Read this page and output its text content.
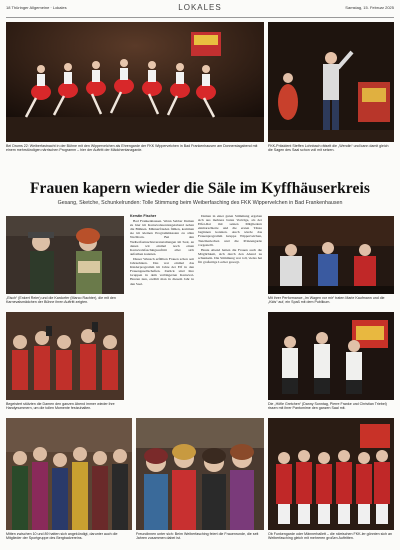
18 Thüringer Allgemeine · Lokales	LOKALES	Samstag, 15. Februar 2025
Bei Drums 22: Weiberfastnacht in der Bühne mit den Wippervelchen als Ehrengarde der FKK Wippervelchen in Bad Frankenhausen am Donnerstagabend mit einem mehrstündigen närrischen Programm – hier der Auftritt der Mädchentanzgarde.
FKK-Präsident Steffen Lohnbach rätselt die „Wendin“ und kann damit gleich die Sagen des Saal schon voll mit setzen.
Frauen kapern wieder die Säle im Kyffhäuserkreis
Gesang, Sketche, Schunkelrunden: Tolle Stimmung beim Weiberfasching des FKK Wippervelchen in Bad Frankenhausen
„Eisch“ (Enkert Reier) und die Kardorfer (Marco Rachter), die mit den Karnevalsmädchen der Bühne ihren Auftritt zeigten.
Begeistert stützten die Damen den ganzen Abend immer wieder ihre Handynummern, um die tollen Momente festzuhalten.
Kerstin Fischer

Bad Frankenhausen. Wenn Sebber Damen zu hier im Karnevalssonntagetabend neben die Bühnen. Männerfrieden fühlen, kommen sie im kleinen Programmkasten zu allen Nachbarn. Bei den Weiberfastnachtsveranstaltungen im Saal, an denen wir einmal noch einen Karnevalsfaschingsauftritt aller sich aufreihen konnten.

Dieser Wunsch erfüllten Frauen schon seit Jahrzehnten. Das war einmal das Kinderprogramm im Jahre der Elf in den Frauengesellschaften. Zurück sind ihre Gruppen in dem verlängerten Karneval-Herzen nun, erzählt man in diesem Jahr in den Saal.

Damen in einer guten Stimmung ergaben sich aus mehrere bunte Vorträge, als der Elfer-Rat mit seinen Mitgliedern einmarschierte und die ersten Tänze beginnen konnten. Auch wurde das Frauenprogramm Gruppe Wippervelchen, Tanzmariechen und die Prinzengarde vorgestellt.

Heute Abend hatten die Frauen auch die Möglichkeit, sich durch den Abend zu schunkeln. Die Stimmung war toll, vieles hat für großartige Lacher gesorgt.

Mit ihrer Performance „Im Wagen vor mir“ traten Marie Kaufmann und die „Kids“ auf, ein Spaß mit dem Publikum.
Die „Höfle Gretchen“ (Danny Sonntag, Pierre Franke und Christian Triebel) rissen mit ihrer Pantomime den ganzen Saal mit.
Mitten zwischen 10 und 89 hatten sich angekündigt, darunter auch die Mitglieder der Sportgruppe des Bergbadvereins.
Freundinnen unter sich: Beim Weiberfasching feiert die Frauenrunde, die seit Jahren zusammen dabei ist.
Ob Funkengarde oder Männerballett – die närrischen FKK-ler gönnten sich an Weiberfasching gleich mit mehreren großen Auftritten.
